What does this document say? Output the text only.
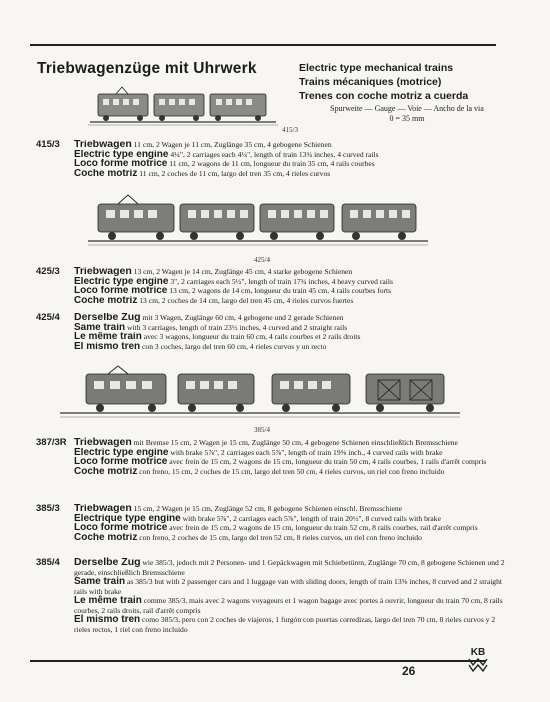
Triebwagenzüge mit Uhrwerk	Electric type mechanical trains
Trains mécaniques (motrice)
Trenes con coche motriz a cuerda
Spurweite — Gauge — Voie — Ancho de la via
0 = 35 mm
415/3
415/3 Triebwagen 11 cm, 2 Wagen je 11 cm, Zuglänge 35 cm, 4 gebogene Schienen
Electric type engine 4¼", 2 carriages each 4¼", length of train 13¾ inches, 4 curved rails
Loco forme motrice 11 cm, 2 wagons de 11 cm, longueur du train 35 cm, 4 rails courbes
Coche motriz 11 cm, 2 coches de 11 cm, largo del tren 35 cm, 4 rieles curvos
425/4
425/3 Triebwagen 13 cm, 2 Wagen je 14 cm, Zuglänge 45 cm, 4 starke gebogene Schienen
Electric type engine 3", 2 carriages each 5½", length of train 17¾ inches, 4 heavy curved rails
Loco forme motrice 13 cm, 2 wagons de 14 cm, longueur du train 45 cm, 4 rails courbes forts
Coche motriz 13 cm, 2 coches de 14 cm, largo del tren 45 cm, 4 rieles curvos fuertes
425/4 Derselbe Zug mit 3 Wagen, Zuglänge 60 cm, 4 gebogene und 2 gerade Schienen
Same train with 3 carriages, length of train 23½ inches, 4 curved and 2 straight rails
Le même train avec 3 wagons, longueur du train 60 cm, 4 rails courbes et 2 rails droits
El mismo tren con 3 coches, largo del tren 60 cm, 4 rieles curvos y un recto
385/4
387/3R Triebwagen mit Bremse 15 cm, 2 Wagen je 15 cm, Zuglänge 50 cm, 4 gebogene Schienen einschließlich Bremsschiene
Electric type engine with brake 5⅞", 2 carriages each 5⅞", length of train 19⅝ inch., 4 curved rails with brake
Loco forme motrice avec frein de 15 cm, 2 wagons de 15 cm, longueur du train 50 cm, 4 rails courbes, 1 rails d'arrêt compris
Coche motriz con freno, 15 cm, 2 coches de 15 cm, largo del tren 50 cm, 4 rieles curvos, un riel con freno incluido
385/3 Triebwagen 15 cm, 2 Wagen je 15 cm, Zuglänge 52 cm, 8 gebogene Schienen einschl. Bremsschiene
Electrique type engine with brake 5⅞", 2 carriages each 5⅞", length of train 20½", 8 curved rails with brake
Loco forme motrice avec frein de 15 cm, 2 wagons de 15 cm, longueur du train 52 cm, 8 rails courbes, rail d'arrêt compris
Coche motriz con freno, 2 coches de 15 cm, largo del tren 52 cm, 8 rieles curvos, un riel con freno incluido
385/4 Derselbe Zug wie 385/3, jedoch mit 2 Personen- und 1 Gepäckwagen mit Schiebetüren, Zuglänge 70 cm, 8 gebogene Schienen und 2 gerade, einschließlich Bremsschiene
Same train as 385/3 but with 2 passenger cars and 1 luggage van with sliding doors, length of train 13⅝ inches, 8 curved and 2 straight rails with brake
Le même train comme 385/3, mais avec 2 wagons voyageurs et 1 wagon bagage avec portes à ouvrir, longueur du train 70 cm, 8 rails courbes, 2 rails droits, rail d'arrêt compris
El mismo tren como 385/3, pero con 2 coches de viajeros, 1 furgón con puertas corredizas, largo del tren 70 cm, 8 rieles curvos y 2 rieles rectos, 1 riel con freno incluido
26
KB
